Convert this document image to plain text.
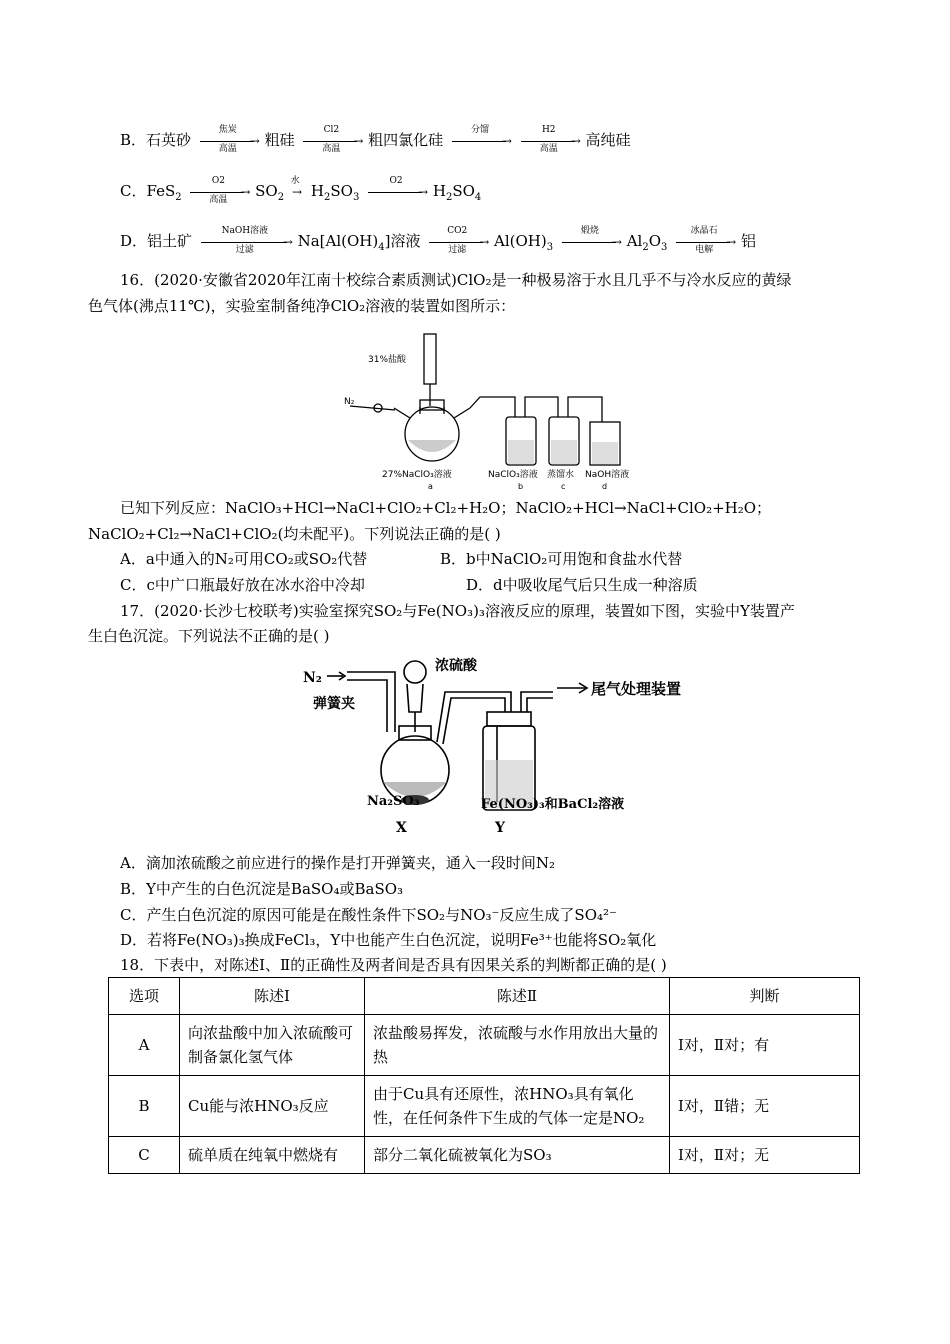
B．石英砂
焦炭
→
高温	粗硅
Cl2
→
高温	粗四氯化硅
分馏
→

H2
→
高温	高纯硅
C．FeS$_2$
O2
→
高温	$SO_2$
水
→ $H_2SO_3$
O2
→ $H_2SO_4$
D．铝土矿
NaOH溶液
→
过滤	$Na[Al(OH)_4]$溶液
CO2
→
过滤	$Al(OH)_3$
煅烧
→ $Al_2O_3$
冰晶石
→
电解	铝
16．(2020·安徽省2020年江南十校综合素质测试)ClO₂是一种极易溶于水且几乎不与冷水反应的黄绿
色气体(沸点11℃)，实验室制备纯净ClO₂溶液的装置如图所示：
31%盐酸
N₂
27%NaClO₃溶液	NaClO₃溶液 蒸馏水 NaOH溶液
a	b	c	d
已知下列反应：NaClO₃+HCl→NaCl+ClO₂+Cl₂+H₂O；NaClO₂+HCl→NaCl+ClO₂+H₂O；
NaClO₂+Cl₂→NaCl+ClO₂(均未配平)。下列说法正确的是( )
A．a中通入的N₂可用CO₂或SO₂代替	B．b中NaClO₂可用饱和食盐水代替
C．c中广口瓶最好放在冰水浴中冷却	D．d中吸收尾气后只生成一种溶质
17．(2020·长沙七校联考)实验室探究SO₂与Fe(NO₃)₃溶液反应的原理，装置如下图，实验中Y装置产
生白色沉淀。下列说法不正确的是( )
N₂
浓硫酸
弹簧夹
尾气处理装置
Na₂SO₃
X
Fe(NO₃)₃和BaCl₂溶液
Y
A．滴加浓硫酸之前应进行的操作是打开弹簧夹，通入一段时间N₂
B．Y中产生的白色沉淀是BaSO₄或BaSO₃
C．产生白色沉淀的原因可能是在酸性条件下SO₂与NO₃⁻反应生成了SO₄²⁻
D．若将Fe(NO₃)₃换成FeCl₃，Y中也能产生白色沉淀，说明Fe³⁺也能将SO₂氧化
18．下表中，对陈述Ⅰ、Ⅱ的正确性及两者间是否具有因果关系的判断都正确的是( )
选项	陈述Ⅰ	陈述Ⅱ	判断
A	向浓盐酸中加入浓硫酸可制备氯化氢气体	浓盐酸易挥发，浓硫酸与水作用放出大量的热	Ⅰ对，Ⅱ对；有
B	Cu能与浓HNO₃反应	由于Cu具有还原性，浓HNO₃具有氧化性，在任何条件下生成的气体一定是NO₂	Ⅰ对，Ⅱ错；无
C	硫单质在纯氧中燃烧有	部分二氧化硫被氧化为SO₃	Ⅰ对，Ⅱ对；无
